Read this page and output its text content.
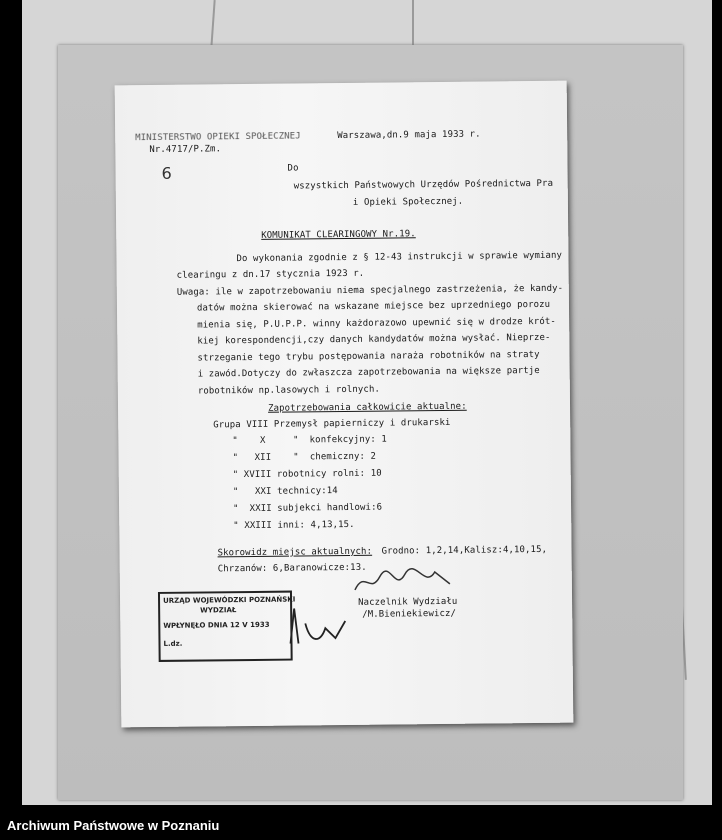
MINISTERSTWO OPIEKI SPOŁECZNEJ	Warszawa,dn.9 maja 1933 r.
Nr.4717/P.Zm.
6	Do
wszystkich Państwowych Urzędów Pośrednictwa Pra
i Opieki Społecznej.
KOMUNIKAT CLEARINGOWY Nr.19.
Do wykonania zgodnie z § 12-43 instrukcji w sprawie wymiany
clearingu z dn.17 stycznia 1923 r.
Uwaga: ile w zapotrzebowaniu niema specjalnego zastrzeżenia, że kandy-
datów można skierować na wskazane miejsce bez uprzedniego porozu
mienia się, P.U.P.P. winny każdorazowo upewnić się w drodze krót-
kiej korespondencji,czy danych kandydatów można wysłać. Nieprze-
strzeganie tego trybu postępowania naraża robotników na straty
i zawód.Dotyczy do zwłaszcza zapotrzebowania na większe partje
robotników np.lasowych i rolnych.
Zapotrzebowania całkowicie aktualne:
Grupa VIII Przemysł papierniczy i drukarski
"    X     "  konfekcyjny: 1
"   XII    "  chemiczny: 2
" XVIII robotnicy rolni: 10
"   XXI technicy:14
"  XXII subjekci handlowi:6
" XXIII inni: 4,13,15.
Skorowidz miejsc aktualnych: Grodno: 1,2,14,Kalisz:4,10,15,
Chrzanów: 6,Baranowicze:13.
Naczelnik Wydziału
/M.Bieniekiewicz/
URZĄD WOJEWÓDZKI POZNAŃSKI
WYDZIAŁ
WPŁYNĘŁO DNIA 12 V 1933
L.dz.
Archiwum Państwowe w Poznaniu
